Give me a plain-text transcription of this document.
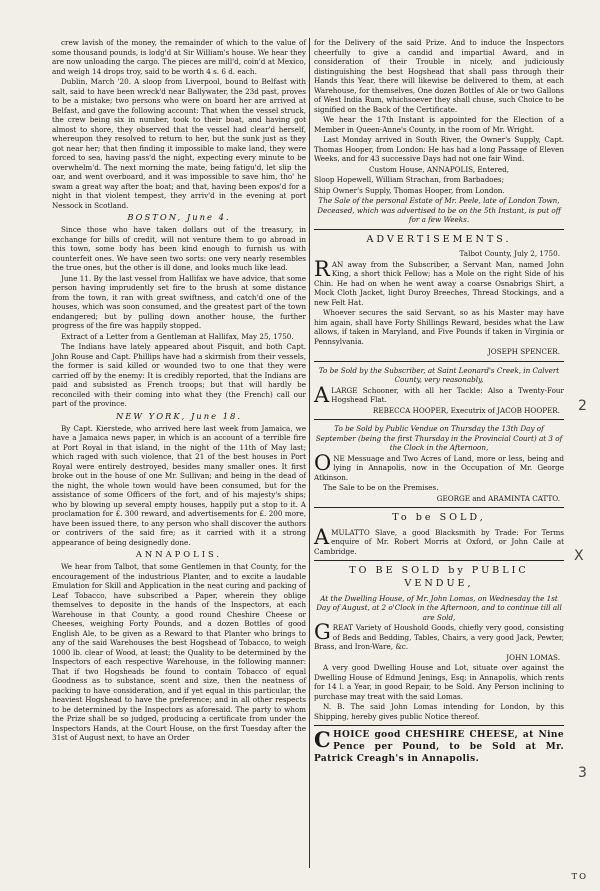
crew lavish of the money, the remainder of which to the value of some thousand pounds, is lodg'd at Sir William's house. We hear they are now unloading the cargo. The pieces are mill'd, coin'd at Mexico, and weigh 14 drops troy, said to be worth 4 s. 6 d. each.

Dublin, March '20. A sloop from Liverpool, bound to Belfast with salt, said to have been wreck'd near Ballywater, the 23d past, proves to be a mistake; two persons who were on board her are arrived at Belfast, and gave the following account: That when the vessel struck, the crew being six in number, took to their boat, and having got almost to shore, they observed that the vessel had clear'd herself, whereupon they resolved to return to her, but the sunk just as they got near her; that then finding it impossible to make land, they were forced to sea, having pass'd the night, expecting every minute to be overwhelm'd. The next morning the mate, being fatigu'd, let slip the oar, and went overboard, and it was impossible to save him, tho' he swam a great way after the boat; and that, having been expos'd for a night in that violent tempest, they arriv'd in the evening at port Nessock in Scotland.

BOSTON, June 4.

Since those who have taken dollars out of the treasury, in exchange for bills of credit, will not venture them to go abroad in this town, some body has been kind enough to furnish us with counterfeit ones. We have seen two sorts: one very nearly resembles the true ones, but the other is ill done, and looks much like lead.

June 11. By the last vessel from Hallifax we have advice, that some person having imprudently set fire to the brush at some distance from the town, it ran with great swiftness, and catch'd one of the houses, which was soon consumed, and the greatest part of the town endangered; but by pulling down another house, the further progress of the fire was happily stopped.

Extract of a Letter from a Gentleman at Hallifax, May 25, 1750.

The Indians have lately appeared about Pisquit, and both Capt. John Rouse and Capt. Phillips have had a skirmish from their vessels, the former is said killed or wounded two to one that they were carried off by the enemy: It is credibly reported, that the Indians are paid and subsisted as French troops; but that will hardly be reconciled with their coming into what they (the French) call our part of the province.

NEW YORK, June 18.

By Capt. Kierstede, who arrived here last week from Jamaica, we have a Jamaica news paper, in which is an account of a terrible fire at Port Royal in that island, in the night of the 11th of May last; which raged with such violence, that 21 of the best houses in Port Royal were entirely destroyed, besides many smaller ones. It first broke out in the house of one Mr. Sullivan; and being in the dead of the night, the whole town would have been consumed, but for the assistance of some Officers of the fort, and of his majesty's ships; who by blowing up several empty houses, happily put a stop to it. A proclamation for £. 300 reward, and advertisements for £. 200 more, have been issued there, to any person who shall discover the authors or contrivers of the said fire; as it carried with it a strong appearance of being designedly done.

ANNAPOLIS.

We hear from Talbot, that some Gentlemen in that County, for the encouragement of the industrious Planter, and to excite a laudable Emulation for Skill and Application in the neat curing and packing of Leaf Tobacco, have subscribed a Paper, wherein they oblige themselves to deposite in the hands of the Inspectors, at each Warehouse in that County, a good round Cheshire Cheese or Cheeses, weighing Forty Pounds, and a dozen Bottles of good English Ale, to be given as a Reward to that Planter who brings to any of the said Warehouses the best Hogshead of Tobacco, to weigh 1000 lb. clear of Wood, at least; the Quality to be determined by the Inspectors of each respective Warehouse, in the following manner: That if two Hogsheads be found to contain Tobacco of equal Goodness as to substance, scent and size, then the neatness of packing to have consideration, and if yet equal in this particular, the heaviest Hogshead to have the preference; and in all other respects to be determined by the Inspectors as aforesaid. The party to whom the Prize shall be so judged, producing a certificate from under the Inspectors Hands, at the Court House, on the first Tuesday after the 31st of August next, to have an Order

for the Delivery of the said Prize. And to induce the Inspectors cheerfully to give a candid and impartial Award, and in consideration of their Trouble in nicely, and judiciously distinguishing the best Hogshead that shall pass through their Hands this Year, there will likewise be delivered to them, at each Warehouse, for themselves, One dozen Bottles of Ale or two Gallons of West India Rum, whichsoever they shall chuse, such Choice to be signified on the Back of the Certificate.

We hear the 17th Instant is appointed for the Election of a Member in Queen-Anne's County, in the room of Mr. Wright.

Last Monday arrived in South River, the Owner's Supply, Capt. Thomas Hooper, from London: He has had a long Passage of Eleven Weeks, and for 43 successive Days had not one fair Wind.

Custom House, ANNAPOLIS, Entered,

Sloop Hopewell, William Strachan, from Barbadoes;

Ship Owner's Supply, Thomas Hooper, from London.

The Sale of the personal Estate of Mr. Peele, late of London Town, Deceased, which was advertised to be on the 5th Instant, is put off for a few Weeks.

ADVERTISEMENTS.

Talbot County, July 2, 1750.

RAN away from the Subscriber, a Servant Man, named John King, a short thick Fellow; has a Mole on the right Side of his Chin. He had on when he went away a coarse Osnabrigs Shirt, a Mock Cloth Jacket, light Duroy Breeches, Thread Stockings, and a new Felt Hat.

Whoever secures the said Servant, so as his Master may have him again, shall have Forty Shillings Reward, besides what the Law allows, if taken in Maryland, and Five Pounds if taken in Virginia or Pennsylvania.

JOSEPH SPENCER.

To be Sold by the Subscriber, at Saint Leonard's Creek, in Calvert County, very reasonably,

ALARGE Schooner, with all her Tackle: Also a Twenty-Four Hogshead Flat.

REBECCA HOOPER, Executrix of JACOB HOOPER.

To be Sold by Public Vendue on Thursday the 13th Day of September (being the first Thursday in the Provincial Court) at 3 of the Clock in the Afternoon,

ONE Messuage and Two Acres of Land, more or less, being and lying in Annapolis, now in the Occupation of Mr. George Atkinson.

The Sale to be on the Premises.

GEORGE and ARAMINTA CATTO.

To be SOLD,

AMULATTO Slave, a good Blacksmith by Trade: For Terms enquire of Mr. Robert Morris at Oxford, or John Caile at Cambridge.

TO BE SOLD by PUBLIC VENDUE,

At the Dwelling House, of Mr. John Lomas, on Wednesday the 1st Day of August, at 2 o'Clock in the Afternoon, and to continue till all are Sold,

GREAT Variety of Houshold Goods, chiefly very good, consisting of Beds and Bedding, Tables, Chairs, a very good Jack, Pewter, Brass, and Iron-Ware, &c.

JOHN LOMAS.

A very good Dwelling House and Lot, situate over against the Dwelling House of Edmund Jenings, Esq; in Annapolis, which rents for 14 l. a Year, in good Repair, to be Sold. Any Person inclining to purchase may treat with the said Lomas.

N. B. The said John Lomas intending for London, by this Shipping, hereby gives public Notice thereof.

CHOICE good CHESHIRE CHEESE, at Nine Pence per Pound, to be Sold at Mr. Patrick Creagh's in Annapolis.

2
X
3
TO
